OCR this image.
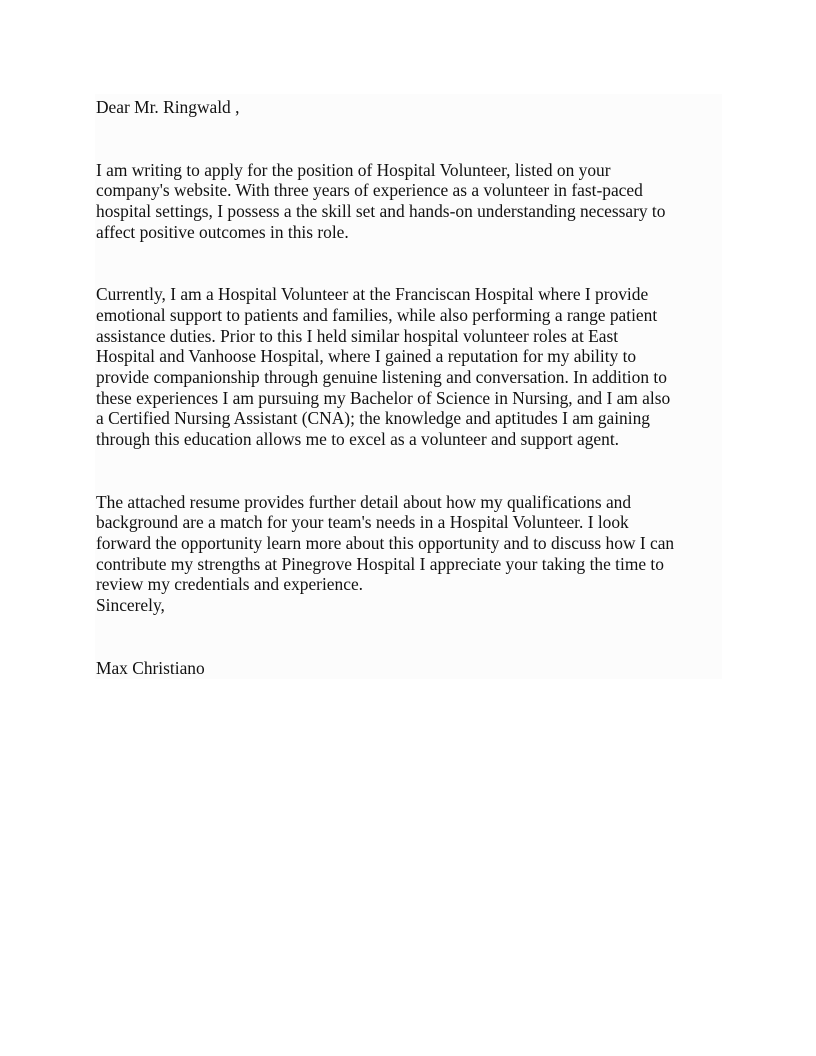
Dear Mr. Ringwald ,
I am writing to apply for the position of Hospital Volunteer, listed on your
company's website. With three years of experience as a volunteer in fast-paced
hospital settings, I possess a the skill set and hands-on understanding necessary to
affect positive outcomes in this role.
Currently, I am a Hospital Volunteer at the Franciscan Hospital where I provide
emotional support to patients and families, while also performing a range patient
assistance duties. Prior to this I held similar hospital volunteer roles at East
Hospital and Vanhoose Hospital, where I gained a reputation for my ability to
provide companionship through genuine listening and conversation. In addition to
these experiences I am pursuing my Bachelor of Science in Nursing, and I am also
a Certified Nursing Assistant (CNA); the knowledge and aptitudes I am gaining
through this education allows me to excel as a volunteer and support agent.
The attached resume provides further detail about how my qualifications and
background are a match for your team's needs in a Hospital Volunteer. I look
forward the opportunity learn more about this opportunity and to discuss how I can
contribute my strengths at Pinegrove Hospital I appreciate your taking the time to
review my credentials and experience.
Sincerely,
Max Christiano
